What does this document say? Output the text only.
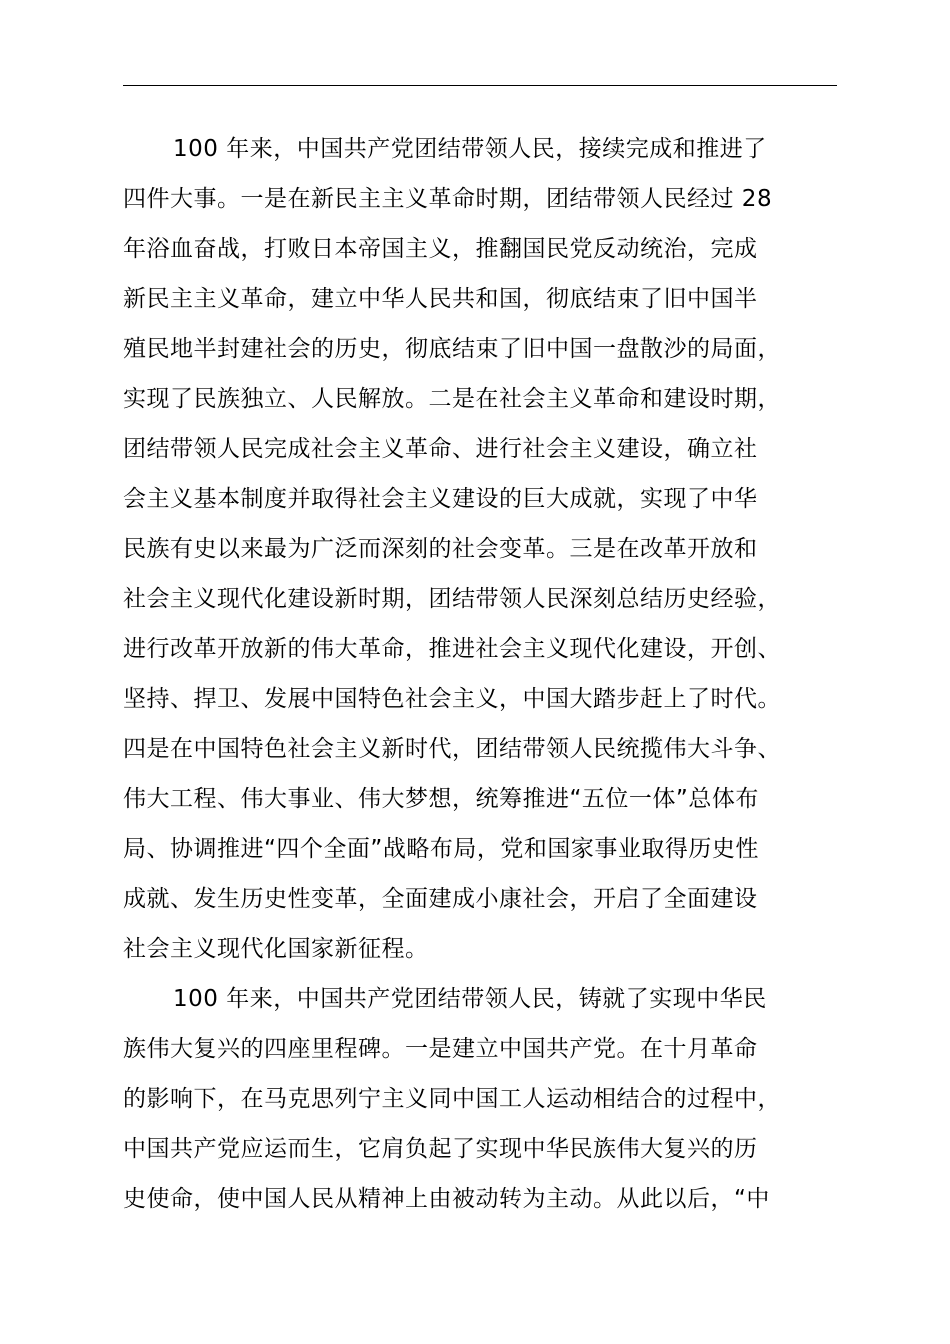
100 年来，中国共产党团结带领人民，接续完成和推进了
四件大事。一是在新民主主义革命时期，团结带领人民经过 28
年浴血奋战，打败日本帝国主义，推翻国民党反动统治，完成
新民主主义革命，建立中华人民共和国，彻底结束了旧中国半
殖民地半封建社会的历史，彻底结束了旧中国一盘散沙的局面，
实现了民族独立、人民解放。二是在社会主义革命和建设时期，
团结带领人民完成社会主义革命、进行社会主义建设，确立社
会主义基本制度并取得社会主义建设的巨大成就，实现了中华
民族有史以来最为广泛而深刻的社会变革。三是在改革开放和
社会主义现代化建设新时期，团结带领人民深刻总结历史经验，
进行改革开放新的伟大革命，推进社会主义现代化建设，开创、
坚持、捍卫、发展中国特色社会主义，中国大踏步赶上了时代。
四是在中国特色社会主义新时代，团结带领人民统揽伟大斗争、
伟大工程、伟大事业、伟大梦想，统筹推进“五位一体”总体布
局、协调推进“四个全面”战略布局，党和国家事业取得历史性
成就、发生历史性变革，全面建成小康社会，开启了全面建设
社会主义现代化国家新征程。
100 年来，中国共产党团结带领人民，铸就了实现中华民
族伟大复兴的四座里程碑。一是建立中国共产党。在十月革命
的影响下，在马克思列宁主义同中国工人运动相结合的过程中，
中国共产党应运而生，它肩负起了实现中华民族伟大复兴的历
史使命，使中国人民从精神上由被动转为主动。从此以后，“中
